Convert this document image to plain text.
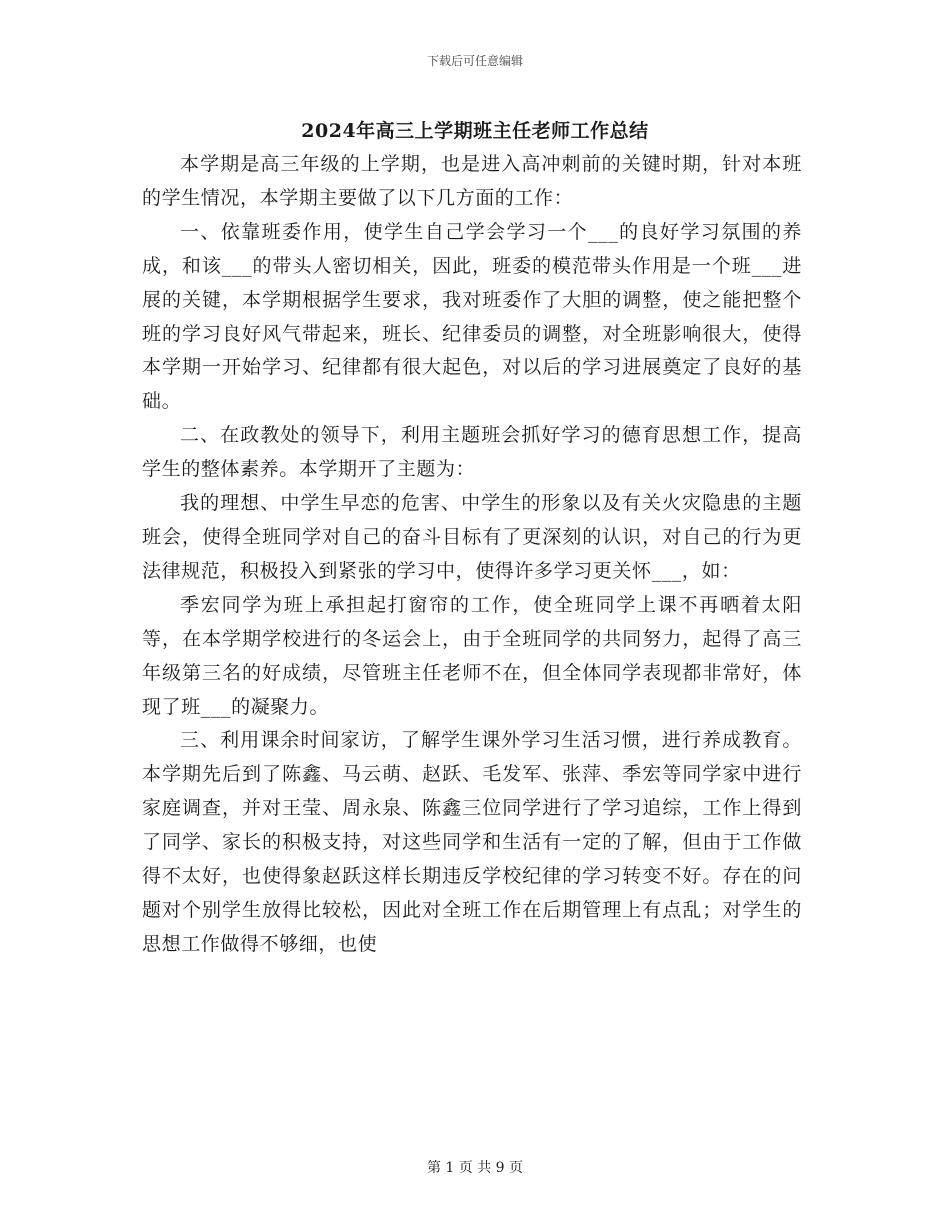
下载后可任意编辑
2024年高三上学期班主任老师工作总结

本学期是高三年级的上学期，也是进入高冲刺前的关键时期，针对本班的学生情况，本学期主要做了以下几方面的工作：

一、依靠班委作用，使学生自己学会学习一个___的良好学习氛围的养成，和该___的带头人密切相关，因此，班委的模范带头作用是一个班___进展的关键，本学期根据学生要求，我对班委作了大胆的调整，使之能把整个班的学习良好风气带起来，班长、纪律委员的调整，对全班影响很大，使得本学期一开始学习、纪律都有很大起色，对以后的学习进展奠定了良好的基础。

二、在政教处的领导下，利用主题班会抓好学习的德育思想工作，提高学生的整体素养。本学期开了主题为：

我的理想、中学生早恋的危害、中学生的形象以及有关火灾隐患的主题班会，使得全班同学对自己的奋斗目标有了更深刻的认识，对自己的行为更法律规范，积极投入到紧张的学习中，使得许多学习更关怀___，如：

季宏同学为班上承担起打窗帘的工作，使全班同学上课不再晒着太阳等，在本学期学校进行的冬运会上，由于全班同学的共同努力，起得了高三年级第三名的好成绩，尽管班主任老师不在，但全体同学表现都非常好，体现了班___的凝聚力。

三、利用课余时间家访，了解学生课外学习生活习惯，进行养成教育。本学期先后到了陈鑫、马云萌、赵跃、毛发军、张萍、季宏等同学家中进行家庭调查，并对王莹、周永泉、陈鑫三位同学进行了学习追综，工作上得到了同学、家长的积极支持，对这些同学和生活有一定的了解，但由于工作做得不太好，也使得象赵跃这样长期违反学校纪律的学习转变不好。存在的问题对个别学生放得比较松，因此对全班工作在后期管理上有点乱；对学生的思想工作做得不够细，也使

第 1 页 共 9 页
